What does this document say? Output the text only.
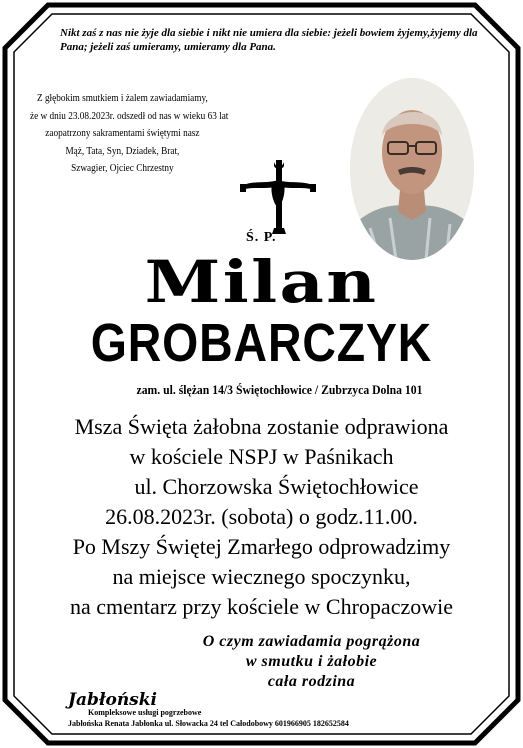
Nikt zaś z nas nie żyje dla siebie i nikt nie umiera dla siebie: jeżeli bowiem żyjemy,żyjemy dla Pana; jeżeli zaś umieramy, umieramy dla Pana.
Z głębokim smutkiem i żalem zawiadamiamy,
że w dniu 23.08.2023r. odszedł od nas w wieku 63 lat
zaopatrzony sakramentami świętymi nasz
Mąż, Tata, Syn, Dziadek, Brat,
Szwagier, Ojciec Chrzestny
Ś. P.
Milan
GROBARCZYK
zam. ul. ślężan 14/3 Świętochłowice / Zubrzyca Dolna 101
Msza Święta żałobna zostanie odprawiona
w kościele NSPJ w Paśnikach
ul. Chorzowska Świętochłowice
26.08.2023r. (sobota) o godz.11.00.
Po Mszy Świętej Zmarłego odprowadzimy
na miejsce wiecznego spoczynku,
na cmentarz przy kościele w Chropaczowie
O czym zawiadamia pogrążona
w smutku i żałobie
cała rodzina
Jabłoński
Kompleksowe usługi pogrzebowe
Jabłońska Renata Jabłonka ul. Słowacka 24 tel Całodobowy 601966905 182652584
